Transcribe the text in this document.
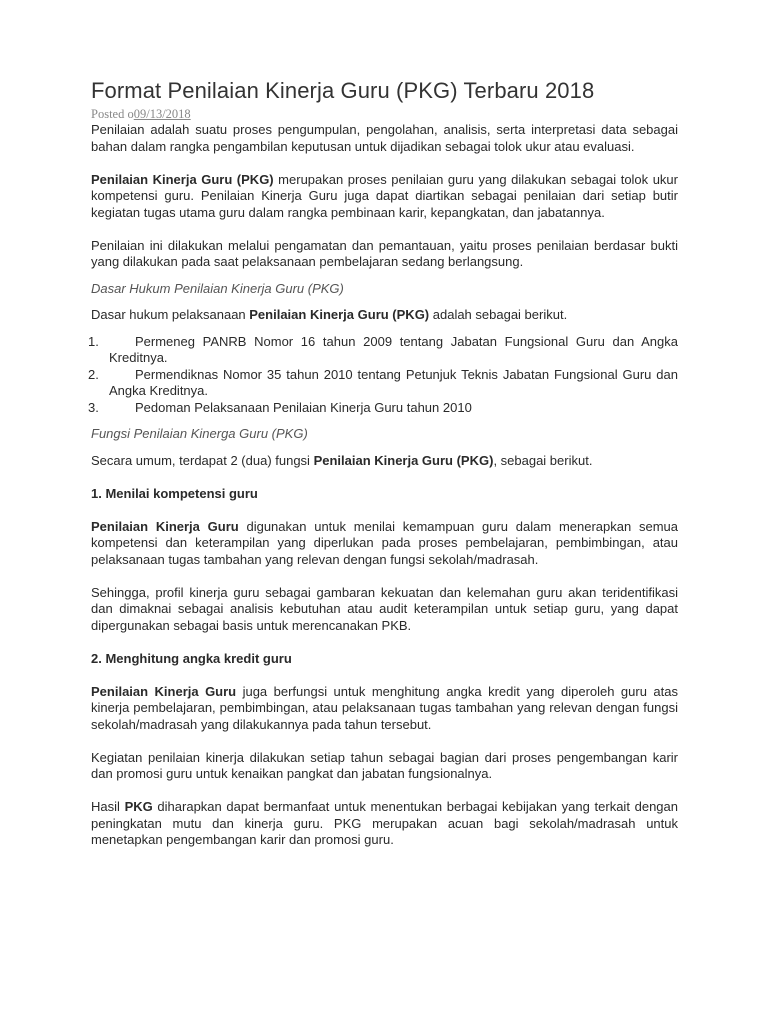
Format Penilaian Kinerja Guru (PKG) Terbaru 2018
Posted o09/13/2018

Penilaian adalah suatu proses pengumpulan, pengolahan, analisis, serta interpretasi data sebagai bahan dalam rangka pengambilan keputusan untuk dijadikan sebagai tolok ukur atau evaluasi.

Penilaian Kinerja Guru (PKG) merupakan proses penilaian guru yang dilakukan sebagai tolok ukur kompetensi guru. Penilaian Kinerja Guru juga dapat diartikan sebagai penilaian dari setiap butir kegiatan tugas utama guru dalam rangka pembinaan karir, kepangkatan, dan jabatannya.

Penilaian ini dilakukan melalui pengamatan dan pemantauan, yaitu proses penilaian berdasar bukti yang dilakukan pada saat pelaksanaan pembelajaran sedang berlangsung.

Dasar Hukum Penilaian Kinerja Guru (PKG)

Dasar hukum pelaksanaan Penilaian Kinerja Guru (PKG) adalah sebagai berikut.

1.	Permeneg PANRB Nomor 16 tahun 2009 tentang Jabatan Fungsional Guru dan Angka Kreditnya.
2.	Permendiknas Nomor 35 tahun 2010 tentang Petunjuk Teknis Jabatan Fungsional Guru dan Angka Kreditnya.
3.	Pedoman Pelaksanaan Penilaian Kinerja Guru tahun 2010
Fungsi Penilaian Kinerga Guru (PKG)

Secara umum, terdapat 2 (dua) fungsi Penilaian Kinerja Guru (PKG), sebagai berikut.

1. Menilai kompetensi guru

Penilaian Kinerja Guru digunakan untuk menilai kemampuan guru dalam menerapkan semua kompetensi dan keterampilan yang diperlukan pada proses pembelajaran, pembimbingan, atau pelaksanaan tugas tambahan yang relevan dengan fungsi sekolah/madrasah.

Sehingga, profil kinerja guru sebagai gambaran kekuatan dan kelemahan guru akan teridentifikasi dan dimaknai sebagai analisis kebutuhan atau audit keterampilan untuk setiap guru, yang dapat dipergunakan sebagai basis untuk merencanakan PKB.

2. Menghitung angka kredit guru

Penilaian Kinerja Guru juga berfungsi untuk menghitung angka kredit yang diperoleh guru atas kinerja pembelajaran, pembimbingan, atau pelaksanaan tugas tambahan yang relevan dengan fungsi sekolah/madrasah yang dilakukannya pada tahun tersebut.

Kegiatan penilaian kinerja dilakukan setiap tahun sebagai bagian dari proses pengembangan karir dan promosi guru untuk kenaikan pangkat dan jabatan fungsionalnya.

Hasil PKG diharapkan dapat bermanfaat untuk menentukan berbagai kebijakan yang terkait dengan peningkatan mutu dan kinerja guru. PKG merupakan acuan bagi sekolah/madrasah untuk menetapkan pengembangan karir dan promosi guru.
